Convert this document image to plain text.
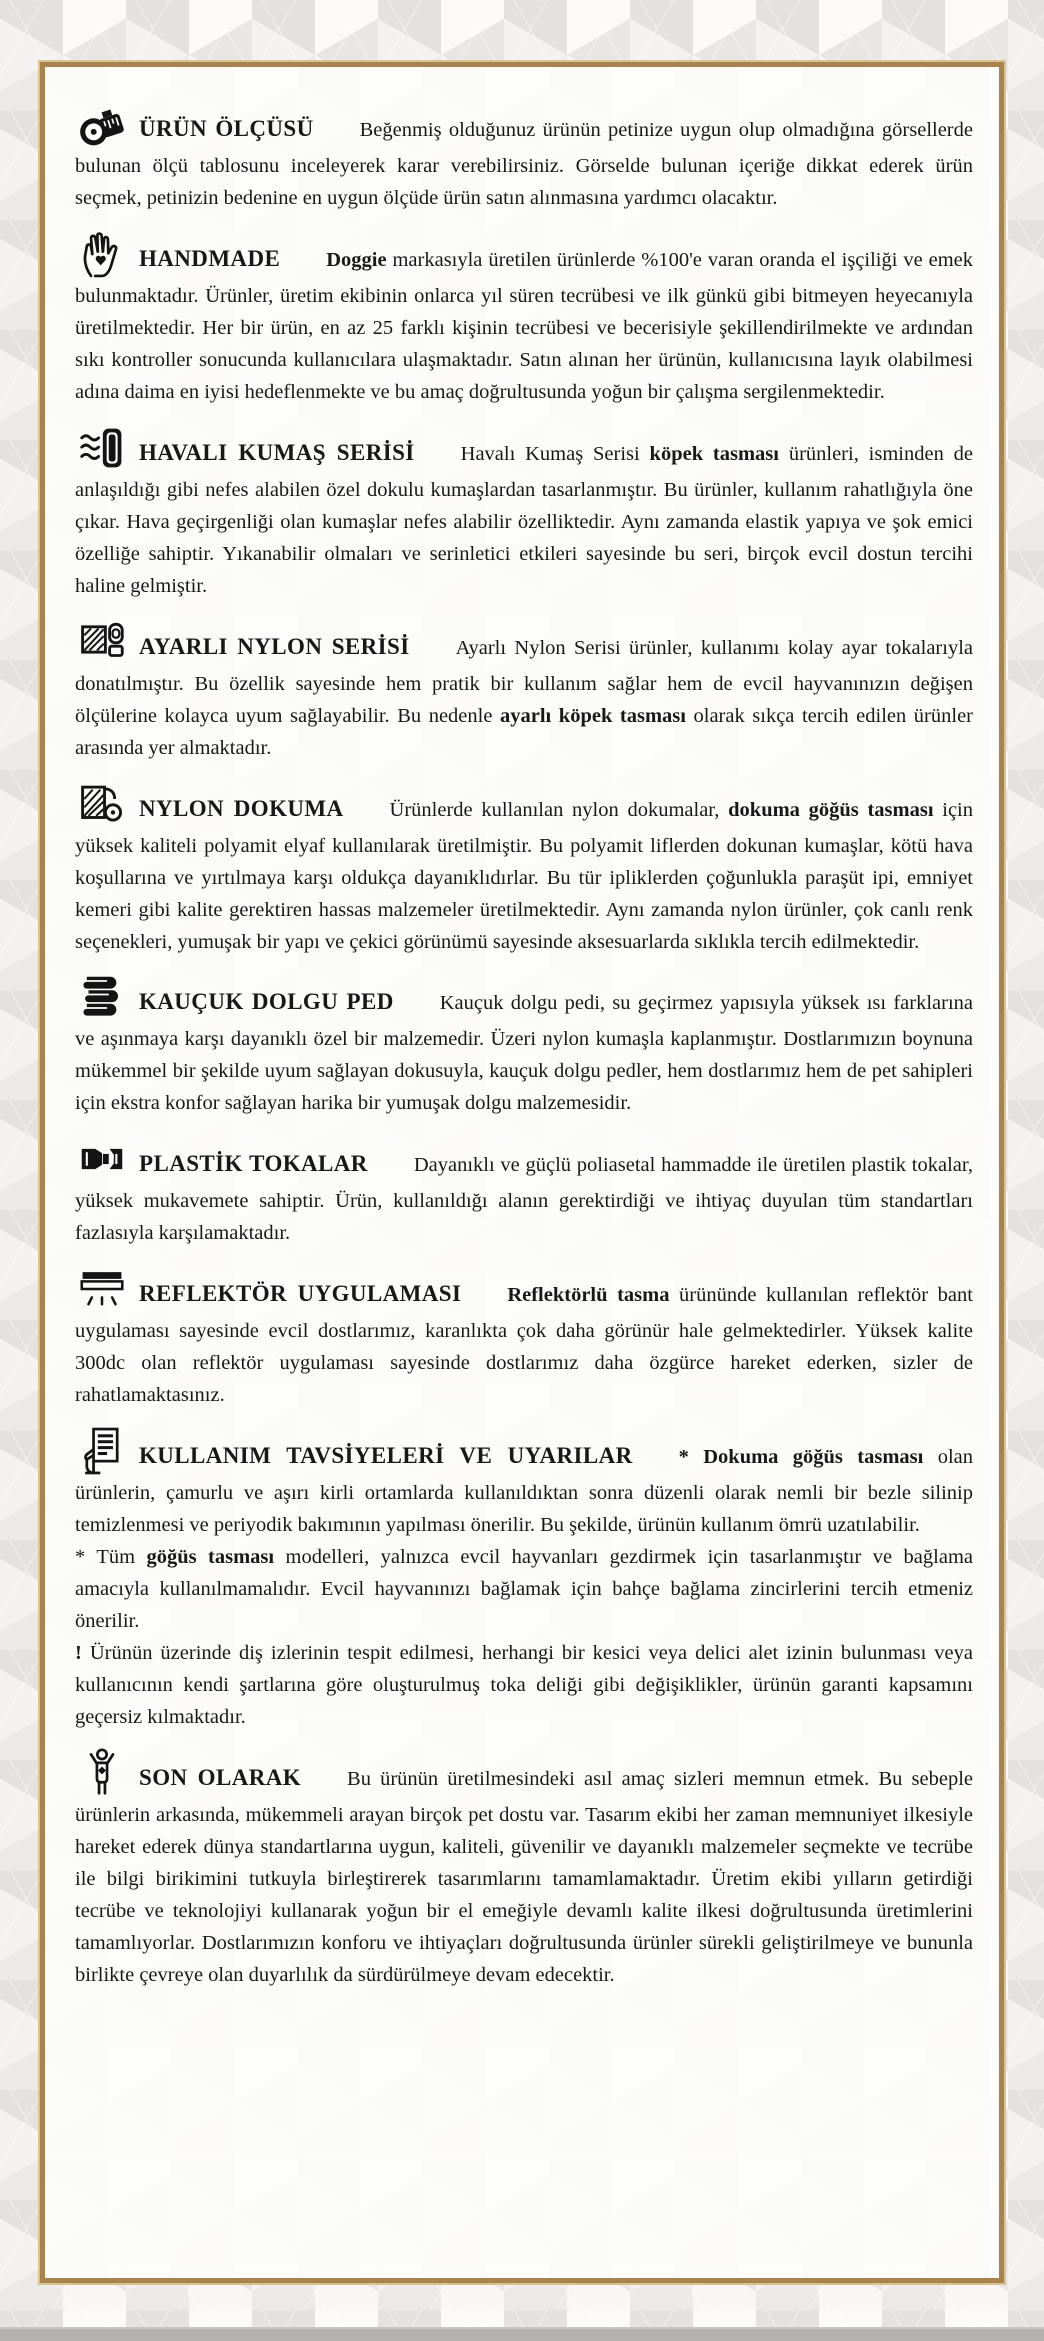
ÜRÜN ÖLÇÜSÜ Beğenmiş olduğunuz ürünün petinize uygun olup olmadığına görsellerde bulunan ölçü tablosunu inceleyerek karar verebilirsiniz. Görselde bulunan içeriğe dikkat ederek ürün seçmek, petinizin bedenine en uygun ölçüde ürün satın alınmasına yardımcı olacaktır.

HANDMADE Doggie markasıyla üretilen ürünlerde %100'e varan oranda el işçiliği ve emek bulunmaktadır. Ürünler, üretim ekibinin onlarca yıl süren tecrübesi ve ilk günkü gibi bitmeyen heyecanıyla üretilmektedir. Her bir ürün, en az 25 farklı kişinin tecrübesi ve becerisiyle şekillendirilmekte ve ardından sıkı kontroller sonucunda kullanıcılara ulaşmaktadır. Satın alınan her ürünün, kullanıcısına layık olabilmesi adına daima en iyisi hedeflenmekte ve bu amaç doğrultusunda yoğun bir çalışma sergilenmektedir.

HAVALI KUMAŞ SERİSİ Havalı Kumaş Serisi köpek tasması ürünleri, isminden de anlaşıldığı gibi nefes alabilen özel dokulu kumaşlardan tasarlanmıştır. Bu ürünler, kullanım rahatlığıyla öne çıkar. Hava geçirgenliği olan kumaşlar nefes alabilir özelliktedir. Aynı zamanda elastik yapıya ve şok emici özelliğe sahiptir. Yıkanabilir olmaları ve serinletici etkileri sayesinde bu seri, birçok evcil dostun tercihi haline gelmiştir.

AYARLI NYLON SERİSİ Ayarlı Nylon Serisi ürünler, kullanımı kolay ayar tokalarıyla donatılmıştır. Bu özellik sayesinde hem pratik bir kullanım sağlar hem de evcil hayvanınızın değişen ölçülerine kolayca uyum sağlayabilir. Bu nedenle ayarlı köpek tasması olarak sıkça tercih edilen ürünler arasında yer almaktadır.

NYLON DOKUMA Ürünlerde kullanılan nylon dokumalar, dokuma göğüs tasması için yüksek kaliteli polyamit elyaf kullanılarak üretilmiştir. Bu polyamit liflerden dokunan kumaşlar, kötü hava koşullarına ve yırtılmaya karşı oldukça dayanıklıdırlar. Bu tür ipliklerden çoğunlukla paraşüt ipi, emniyet kemeri gibi kalite gerektiren hassas malzemeler üretilmektedir. Aynı zamanda nylon ürünler, çok canlı renk seçenekleri, yumuşak bir yapı ve çekici görünümü sayesinde aksesuarlarda sıklıkla tercih edilmektedir.

KAUÇUK DOLGU PED Kauçuk dolgu pedi, su geçirmez yapısıyla yüksek ısı farklarına ve aşınmaya karşı dayanıklı özel bir malzemedir. Üzeri nylon kumaşla kaplanmıştır. Dostlarımızın boynuna mükemmel bir şekilde uyum sağlayan dokusuyla, kauçuk dolgu pedler, hem dostlarımız hem de pet sahipleri için ekstra konfor sağlayan harika bir yumuşak dolgu malzemesidir.

PLASTİK TOKALAR Dayanıklı ve güçlü poliasetal hammadde ile üretilen plastik tokalar, yüksek mukavemete sahiptir. Ürün, kullanıldığı alanın gerektirdiği ve ihtiyaç duyulan tüm standartları fazlasıyla karşılamaktadır.

REFLEKTÖR UYGULAMASI Reflektörlü tasma ürününde kullanılan reflektör bant uygulaması sayesinde evcil dostlarımız, karanlıkta çok daha görünür hale gelmektedirler. Yüksek kalite 300dc olan reflektör uygulaması sayesinde dostlarımız daha özgürce hareket ederken, sizler de rahatlamaktasınız.

KULLANIM TAVSİYELERİ VE UYARILAR * Dokuma göğüs tasması olan ürünlerin, çamurlu ve aşırı kirli ortamlarda kullanıldıktan sonra düzenli olarak nemli bir bezle silinip temizlenmesi ve periyodik bakımının yapılması önerilir. Bu şekilde, ürünün kullanım ömrü uzatılabilir.

* Tüm göğüs tasması modelleri, yalnızca evcil hayvanları gezdirmek için tasarlanmıştır ve bağlama amacıyla kullanılmamalıdır. Evcil hayvanınızı bağlamak için bahçe bağlama zincirlerini tercih etmeniz önerilir.

! Ürünün üzerinde diş izlerinin tespit edilmesi, herhangi bir kesici veya delici alet izinin bulunması veya kullanıcının kendi şartlarına göre oluşturulmuş toka deliği gibi değişiklikler, ürünün garanti kapsamını geçersiz kılmaktadır.

SON OLARAK Bu ürünün üretilmesindeki asıl amaç sizleri memnun etmek. Bu sebeple ürünlerin arkasında, mükemmeli arayan birçok pet dostu var. Tasarım ekibi her zaman memnuniyet ilkesiyle hareket ederek dünya standartlarına uygun, kaliteli, güvenilir ve dayanıklı malzemeler seçmekte ve tecrübe ile bilgi birikimini tutkuyla birleştirerek tasarımlarını tamamlamaktadır. Üretim ekibi yılların getirdiği tecrübe ve teknolojiyi kullanarak yoğun bir el emeğiyle devamlı kalite ilkesi doğrultusunda üretimlerini tamamlıyorlar. Dostlarımızın konforu ve ihtiyaçları doğrultusunda ürünler sürekli geliştirilmeye ve bununla birlikte çevreye olan duyarlılık da sürdürülmeye devam edecektir.
